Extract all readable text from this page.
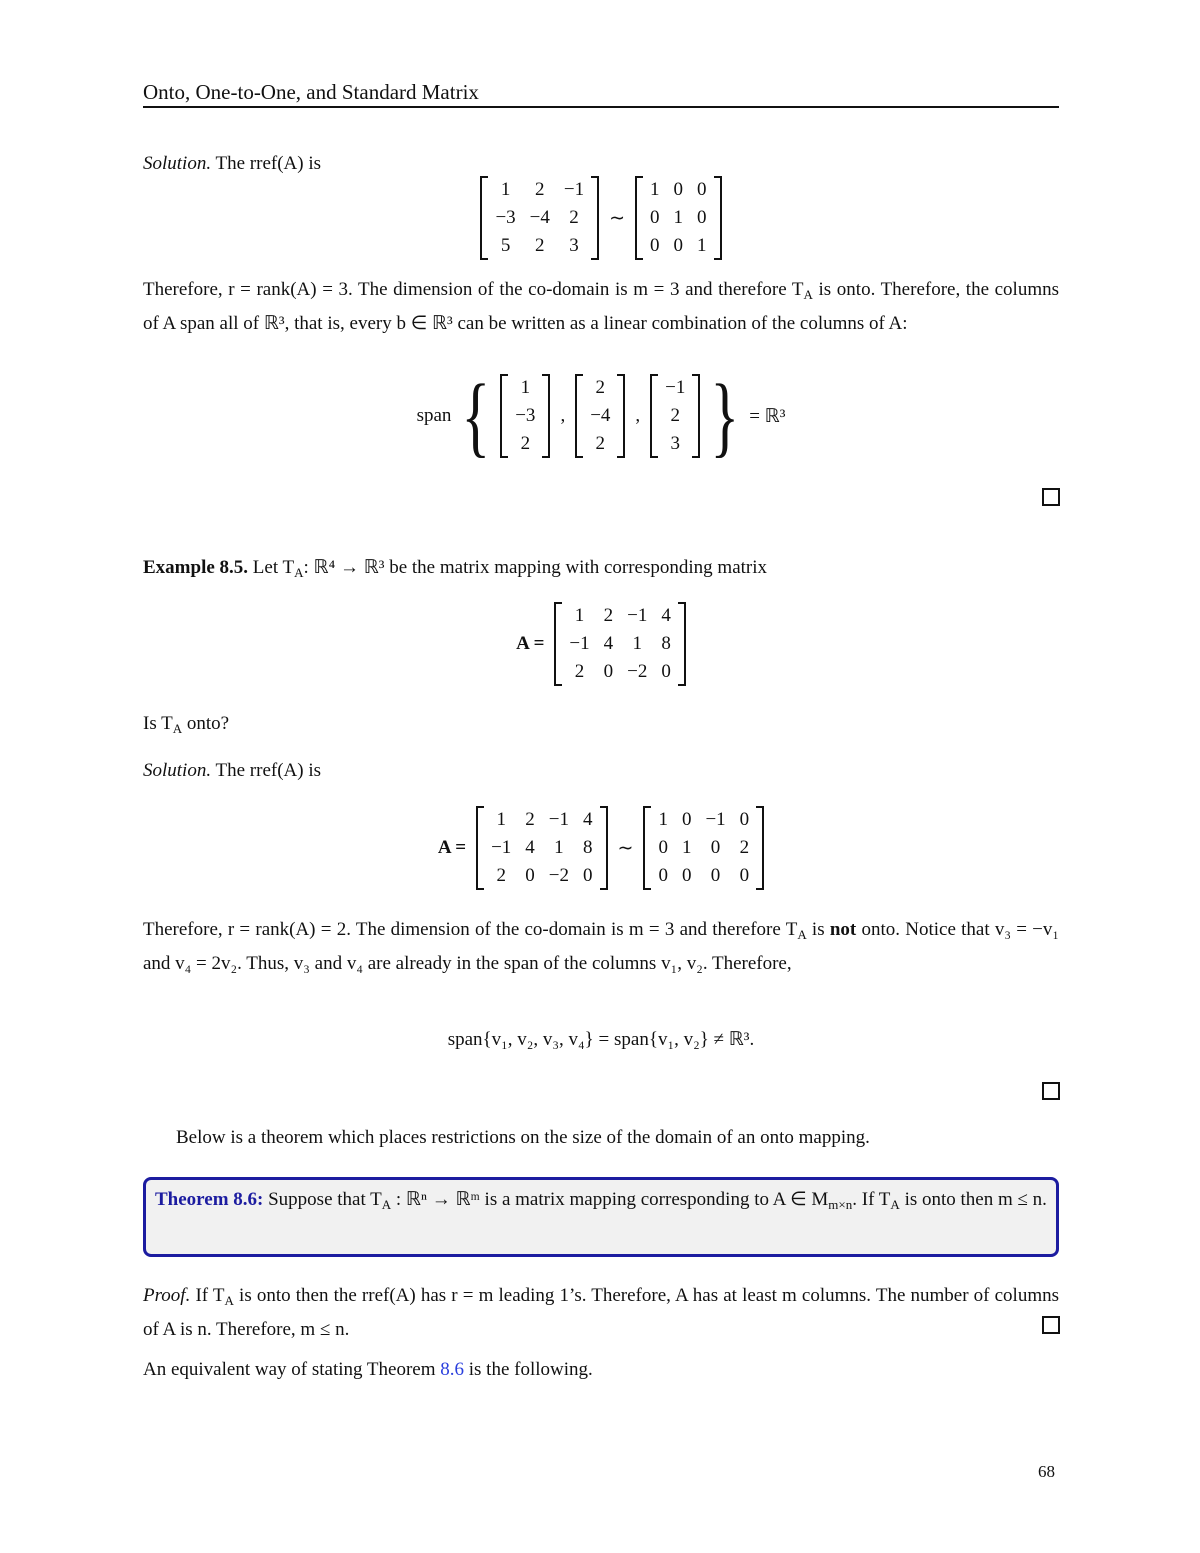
Onto, One-to-One, and Standard Matrix
Solution. The rref(A) is
1	2	−1
−3	−4	2
5	2	3
∼
1	0	0
0	1	0
0	0	1

Therefore, r = rank(A) = 3. The dimension of the co-domain is m = 3 and therefore $T_A$ is onto. Therefore, the columns of A span all of ℝ³, that is, every b ∈ ℝ³ can be written as a linear combination of the columns of A:

span { 1
−3
2
,
2
−4
2
,
−1
2
3 } = ℝ³
Example 8.5. Let $T_A$: ℝ⁴ → ℝ³ be the matrix mapping with corresponding matrix
A =
1	2	−1	4
−1	4	1	8
2	0	−2	0
Is $T_A$ onto?
Solution. The rref(A) is
A =
1	2	−1	4
−1	4	1	8
2	0	−2	0
∼
1	0	−1	0
0	1	0	2
0	0	0	0

Therefore, r = rank(A) = 2. The dimension of the co-domain is m = 3 and therefore $T_A$ is not onto. Notice that v₃ = −v₁ and v₄ = 2v₂. Thus, v₃ and v₄ are already in the span of the columns v₁, v₂. Therefore,

span{v₁, v₂, v₃, v₄} = span{v₁, v₂} ≠ ℝ³.
Below is a theorem which places restrictions on the size of the domain of an onto mapping.
Theorem 8.6: Suppose that $T_A$ : ℝⁿ → ℝᵐ is a matrix mapping corresponding to A ∈ $M_{m\times n}$. If $T_A$ is onto then m ≤ n.
Proof. If $T_A$ is onto then the rref(A) has r = m leading 1’s. Therefore, A has at least m columns. The number of columns of A is n. Therefore, m ≤ n.
An equivalent way of stating Theorem 8.6 is the following.
68
